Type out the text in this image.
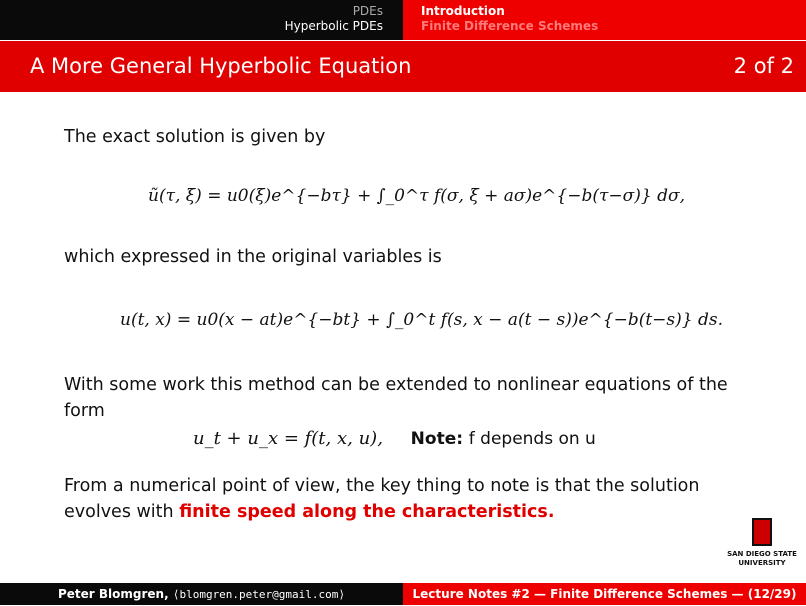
PDEs
Hyperbolic PDEs
Introduction
Finite Difference Schemes
A More General Hyperbolic Equation	2 of 2
The exact solution is given by
ũ(τ, ξ) = u0(ξ)e^{−bτ} + ∫_0^τ f(σ, ξ + aσ)e^{−b(τ−σ)} dσ,
which expressed in the original variables is
u(t, x) = u0(x − at)e^{−bt} + ∫_0^t f(s, x − a(t − s))e^{−b(t−s)} ds.
With some work this method can be extended to nonlinear equations of the form
u_t + u_x = f(t, x, u), Note: f depends on u
From a numerical point of view, the key thing to note is that the solution evolves with finite speed along the characteristics.
SAN DIEGO STATE
UNIVERSITY
Peter Blomgren, ⟨blomgren.peter@gmail.com⟩	Lecture Notes #2 — Finite Difference Schemes — (12/29)
